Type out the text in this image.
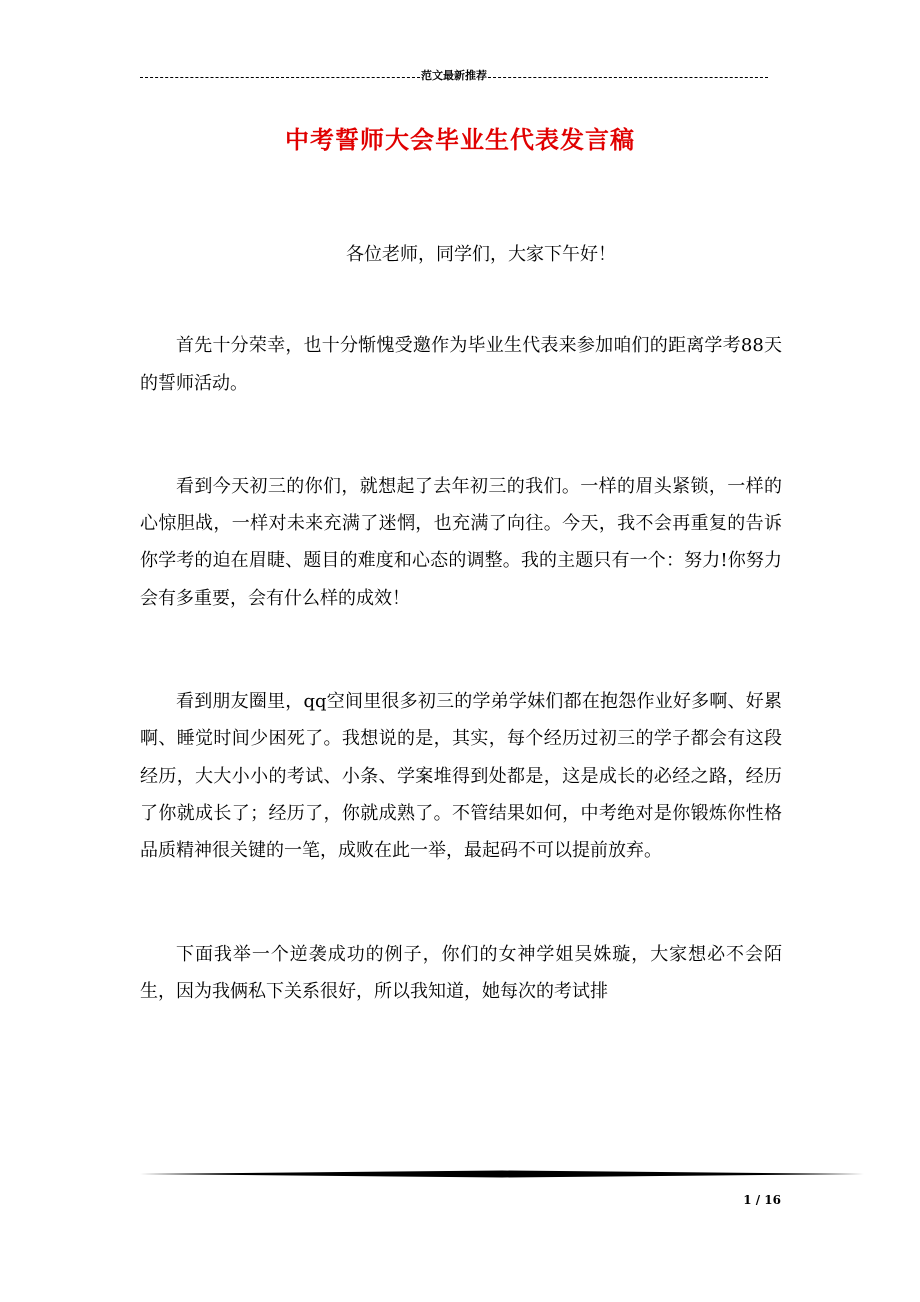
范文最新推荐
中考誓师大会毕业生代表发言稿

各位老师，同学们，大家下午好！

首先十分荣幸，也十分惭愧受邀作为毕业生代表来参加咱们的距离学考88天的誓师活动。

看到今天初三的你们，就想起了去年初三的我们。一样的眉头紧锁，一样的心惊胆战，一样对未来充满了迷惘，也充满了向往。今天，我不会再重复的告诉你学考的迫在眉睫、题目的难度和心态的调整。我的主题只有一个：努力!你努力会有多重要，会有什么样的成效！

看到朋友圈里，qq空间里很多初三的学弟学妹们都在抱怨作业好多啊、好累啊、睡觉时间少困死了。我想说的是，其实，每个经历过初三的学子都会有这段经历，大大小小的考试、小条、学案堆得到处都是，这是成长的必经之路，经历了你就成长了；经历了，你就成熟了。不管结果如何，中考绝对是你锻炼你性格品质精神很关键的一笔，成败在此一举，最起码不可以提前放弃。

下面我举一个逆袭成功的例子，你们的女神学姐吴姝璇，大家想必不会陌生，因为我俩私下关系很好，所以我知道，她每次的考试排

1 / 16
